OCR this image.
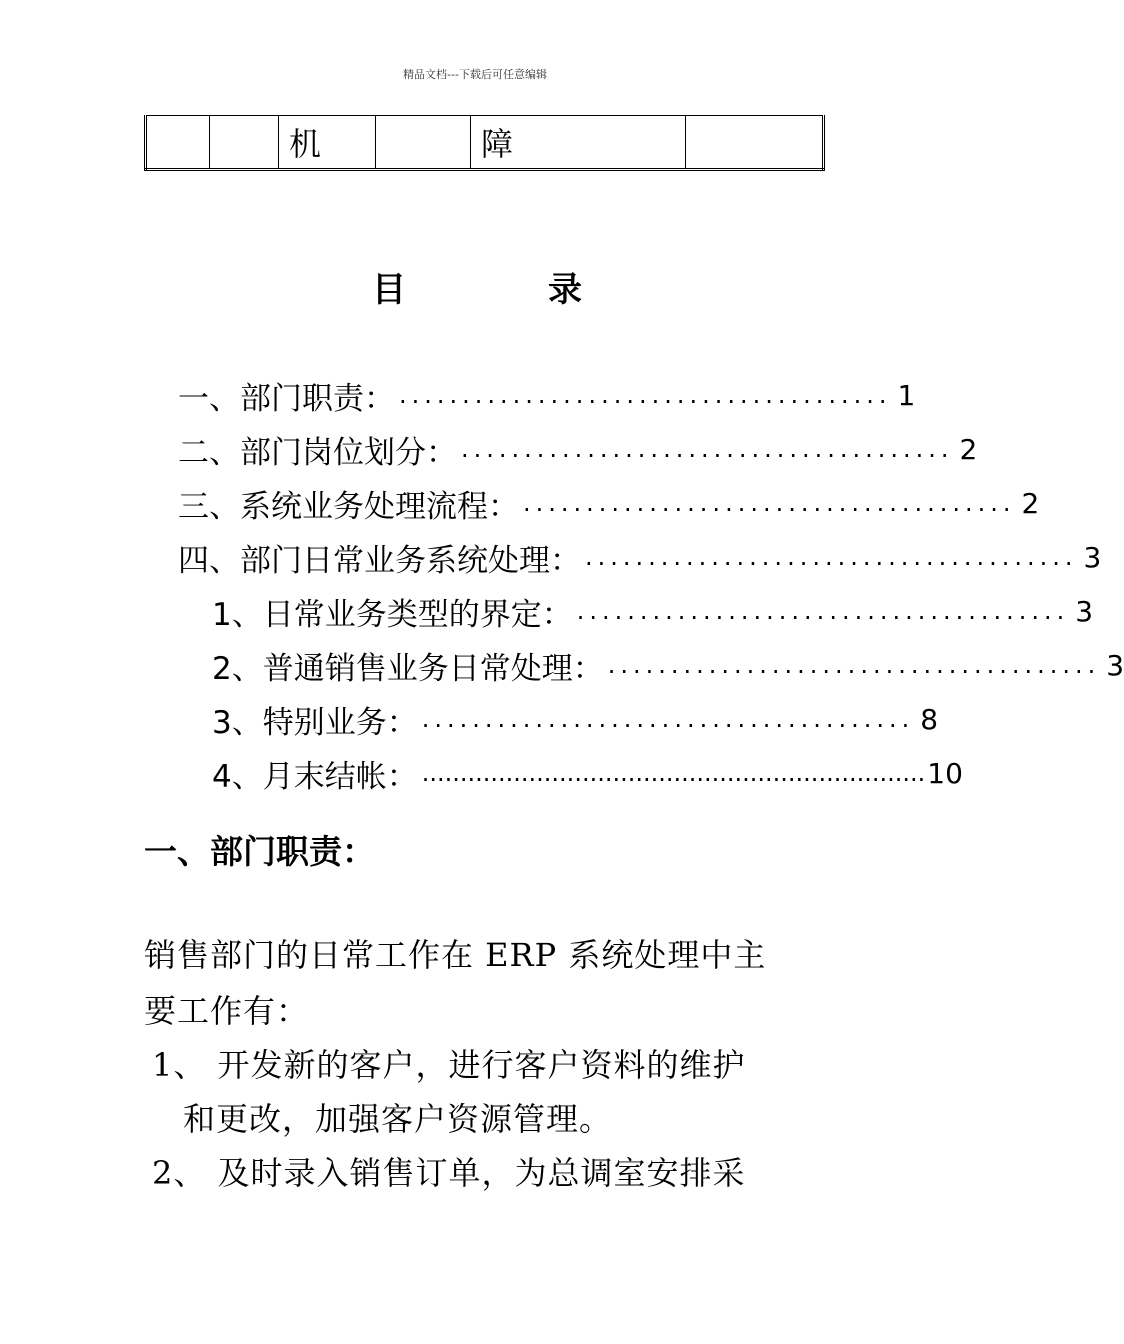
精品文档---下载后可任意编辑
		机		障	
目	录
一、部门职责： ....................................... 1
二、部门岗位划分： ....................................... 2
三、系统业务处理流程： ....................................... 2
四、部门日常业务系统处理： ....................................... 3
1、日常业务类型的界定： ....................................... 3
2、普通销售业务日常处理： ....................................... 3
3、特别业务： ....................................... 8
4、月末结帐： .................................................................. 10
一、部门职责：
销售部门的日常工作在 ERP 系统处理中主
要工作有：
1、 开发新的客户，进行客户资料的维护
和更改，加强客户资源管理。
2、 及时录入销售订单，为总调室安排采
